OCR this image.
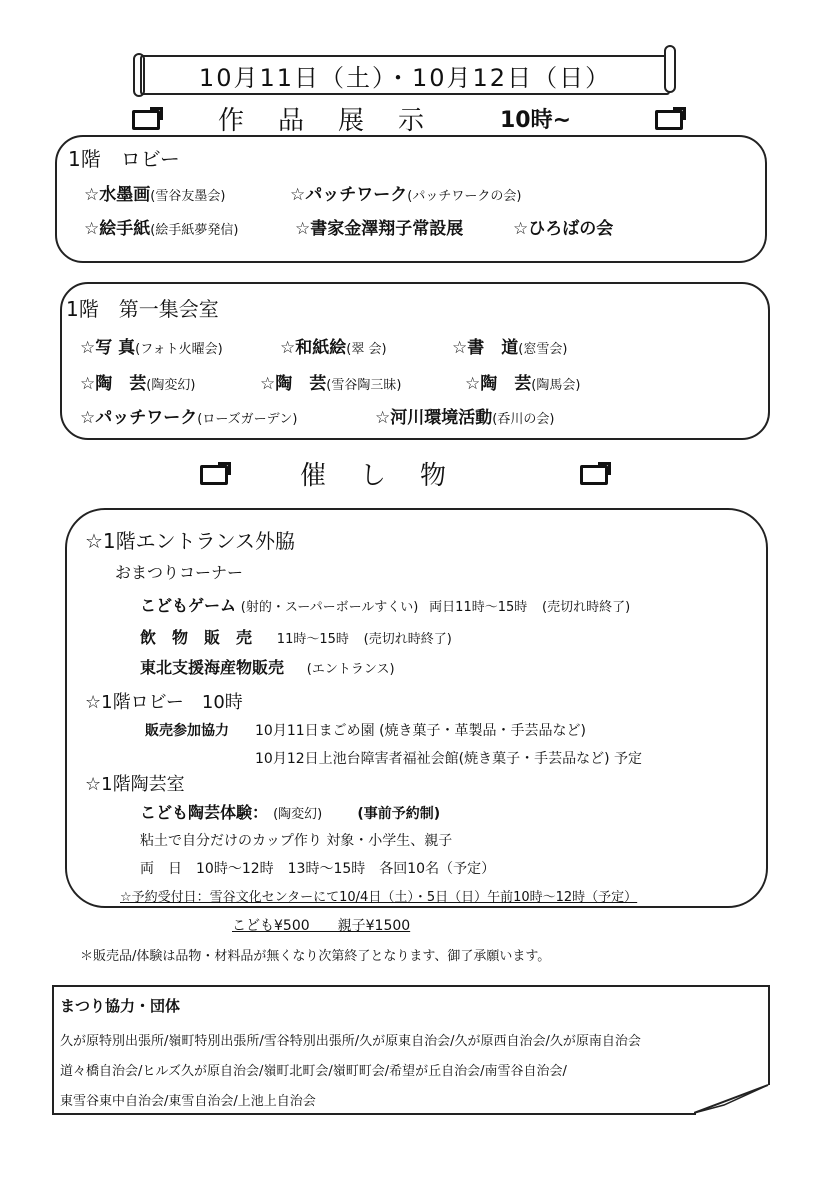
10月11日（土）・10月12日（日）
作品展示 10時~
1階　ロビー
☆水墨画(雪谷友墨会)	☆パッチワーク(パッチワークの会)
☆絵手紙(絵手紙夢発信)	☆書家金澤翔子常設展	☆ひろばの会
1階　第一集会室
☆写 真(フォト火曜会)	☆和紙絵(翠 会)	☆書　道(窓雪会)
☆陶　芸(陶変幻)	☆陶　芸(雪谷陶三昧)	☆陶　芸(陶馬会)
☆パッチワーク(ローズガーデン)	☆河川環境活動(呑川の会)
催し物
☆1階エントランス外脇
おまつりコーナー
こどもゲーム (射的・スーパーボールすくい) 両日11時～15時 (売切れ時終了)
飲　物　販　売 11時～15時 (売切れ時終了)
東北支援海産物販売 (エントランス)
☆1階ロビー　10時
販売参加協力 10月11日まごめ園 (焼き菓子・革製品・手芸品など)
10月12日上池台障害者福祉会館(焼き菓子・手芸品など) 予定
☆1階陶芸室
こども陶芸体験： (陶変幻)	(事前予約制)
粘土で自分だけのカップ作り 対象・小学生、親子
両　日　10時～12時　13時～15時　各回10名（予定）
☆予約受付日：雪谷文化センターにて10/4日（土）・5日（日）午前10時～12時（予定）
こども¥500　　親子¥1500
＊販売品/体験は品物・材料品が無くなり次第終了となります、御了承願います。
まつり協力・団体
久が原特別出張所/嶺町特別出張所/雪谷特別出張所/久が原東自治会/久が原西自治会/久が原南自治会
道々橋自治会/ヒルズ久が原自治会/嶺町北町会/嶺町町会/希望が丘自治会/南雪谷自治会/
東雪谷東中自治会/東雪自治会/上池上自治会
